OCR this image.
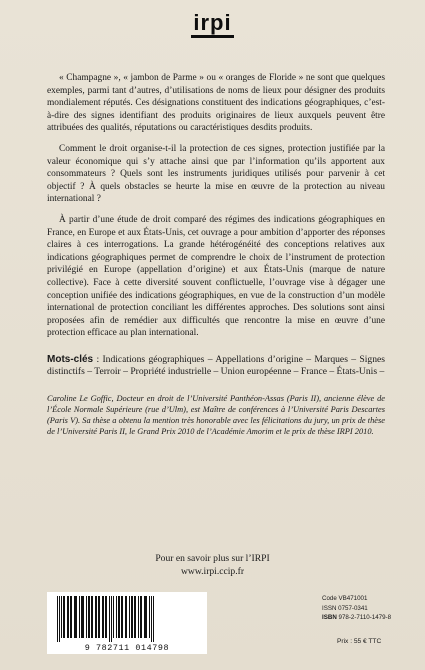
irpi

« Champagne », « jambon de Parme » ou « oranges de Floride » ne sont que quelques exemples, parmi tant d’autres, d’utilisations de noms de lieux pour désigner des produits mondialement réputés. Ces désignations constituent des indications géographiques, c’est-à-dire des signes identifiant des produits originaires de lieux auxquels peuvent être attribuées des qualités, réputations ou caractéristiques desdits produits.

Comment le droit organise-t-il la protection de ces signes, protection justifiée par la valeur économique qui s’y attache ainsi que par l’information qu’ils apportent aux consommateurs ? Quels sont les instruments juridiques utilisés pour parvenir à cet objectif ? À quels obstacles se heurte la mise en œuvre de la protection au niveau international ?

À partir d’une étude de droit comparé des régimes des indications géographiques en France, en Europe et aux États-Unis, cet ouvrage a pour ambition d’apporter des réponses claires à ces interrogations. La grande hétérogénéité des conceptions relatives aux indications géographiques permet de comprendre le choix de l’instrument de protection privilégié en Europe (appellation d’origine) et aux États-Unis (marque de nature collective). Face à cette diversité souvent conflictuelle, l’ouvrage vise à dégager une conception unifiée des indications géographiques, en vue de la construction d’un modèle international de protection conciliant les différentes approches. Des solutions sont ainsi proposées afin de remédier aux difficultés que rencontre la mise en œuvre d’une protection efficace au plan international.

Mots-clés : Indications géographiques – Appellations d’origine – Marques – Signes distinctifs – Terroir – Propriété industrielle – Union européenne – France – États-Unis –
Caroline Le Goffic, Docteur en droit de l’Université Panthéon-Assas (Paris II), ancienne élève de l’École Normale Supérieure (rue d’Ulm), est Maître de conférences à l’Université Paris Descartes (Paris V). Sa thèse a obtenu la mention très honorable avec les félicitations du jury, un prix de thèse de l’Université Paris II, le Grand Prix 2010 de l’Académie Amorim et le prix de thèse IRPI 2010.
Pour en savoir plus sur l’IRPI
www.irpi.ccip.fr
9 782711 014798
Code VB471001
ISSN 0757-0341
ISBN 978-2-7110-1479-8
Prix : 55 € TTC
